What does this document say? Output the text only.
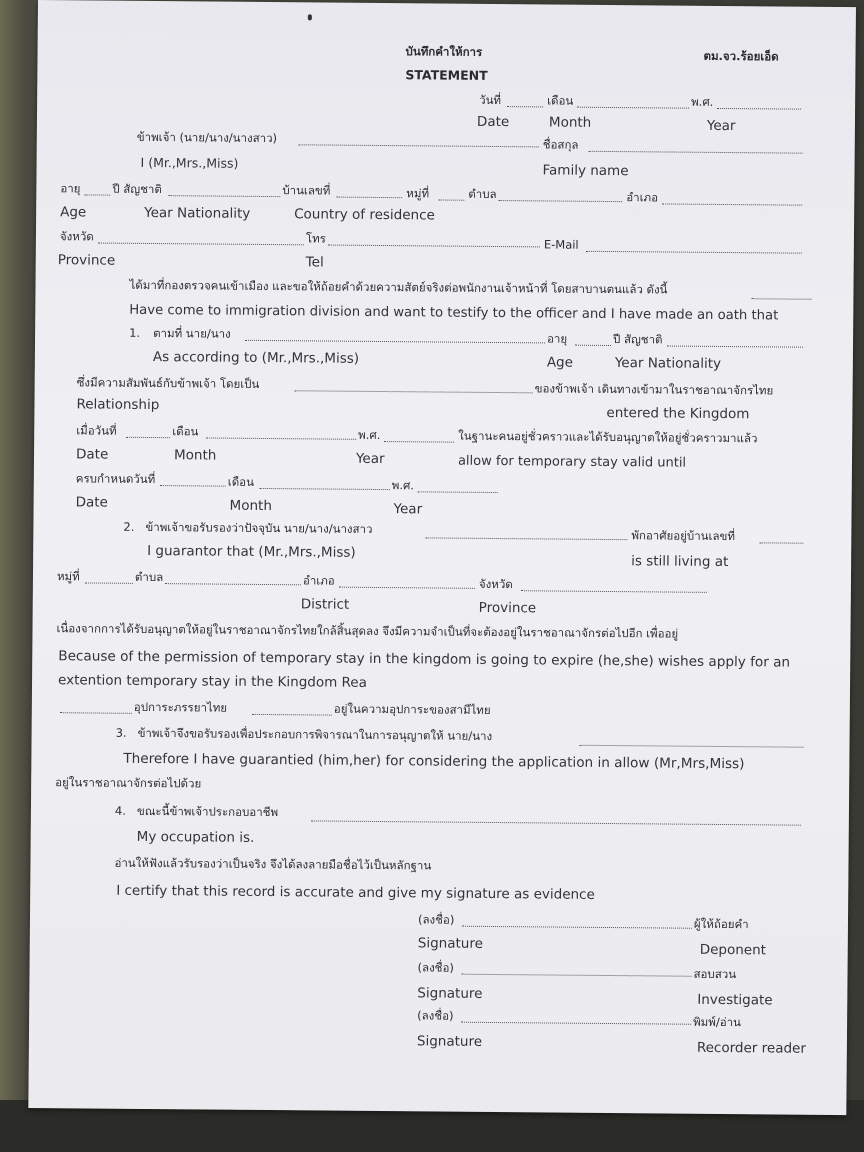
บันทึกคำให้การ
STATEMENT
ตม.จว.ร้อยเอ็ด
วันที่	เดือน	พ.ศ.
Date	Month	Year
ข้าพเจ้า (นาย/นาง/นางสาว)	ชื่อสกุล
I (Mr.,Mrs.,Miss)	Family name
อายุ	ปี สัญชาติ	บ้านเลขที่	หมู่ที่	ตำบล	อำเภอ
Age	Year Nationality	Country of residence
จังหวัด	โทร	E-Mail
Province	Tel
ได้มาที่กองตรวจคนเข้าเมือง และขอให้ถ้อยคำด้วยความสัตย์จริงต่อพนักงานเจ้าหน้าที่ โดยสาบานตนแล้ว ดังนี้
Have come to immigration division and want to testify to the officer and I have made an oath that
1. ตามที่ นาย/นาง	อายุ	ปี สัญชาติ
As according to (Mr.,Mrs.,Miss)	Age	Year Nationality
ซึ่งมีความสัมพันธ์กับข้าพเจ้า โดยเป็น	ของข้าพเจ้า เดินทางเข้ามาในราชอาณาจักรไทย
Relationship
entered the Kingdom
เมื่อวันที่	เดือน	พ.ศ.	ในฐานะคนอยู่ชั่วคราวและได้รับอนุญาตให้อยู่ชั่วคราวมาแล้ว
Date	Month	Year	allow for temporary stay valid until
ครบกำหนดวันที่	เดือน	พ.ศ.
Date	Month	Year
2. ข้าพเจ้าขอรับรองว่าปัจจุบัน นาย/นาง/นางสาว	พักอาศัยอยู่บ้านเลขที่
I guarantor that (Mr.,Mrs.,Miss)
is still living at
หมู่ที่	ตำบล	อำเภอ	จังหวัด
District	Province
เนื่องจากการได้รับอนุญาตให้อยู่ในราชอาณาจักรไทยใกล้สิ้นสุดลง จึงมีความจำเป็นที่จะต้องอยู่ในราชอาณาจักรต่อไปอีก เพื่ออยู่
Because of the permission of temporary stay in the kingdom is going to expire (he,she) wishes apply for an
extention temporary stay in the Kingdom Rea
อุปการะภรรยาไทย	อยู่ในความอุปการะของสามีไทย
3. ข้าพเจ้าจึงขอรับรองเพื่อประกอบการพิจารณาในการอนุญาตให้ นาย/นาง
Therefore I have guarantied (him,her) for considering the application in allow (Mr,Mrs,Miss)
อยู่ในราชอาณาจักรต่อไปด้วย
4. ขณะนี้ข้าพเจ้าประกอบอาชีพ
My occupation is.
อ่านให้ฟังแล้วรับรองว่าเป็นจริง จึงได้ลงลายมือชื่อไว้เป็นหลักฐาน
I certify that this record is accurate and give my signature as evidence
(ลงชื่อ)	ผู้ให้ถ้อยคำ
Signature	Deponent
(ลงชื่อ)	สอบสวน
Signature	Investigate
(ลงชื่อ)	พิมพ์/อ่าน
Signature	Recorder reader
